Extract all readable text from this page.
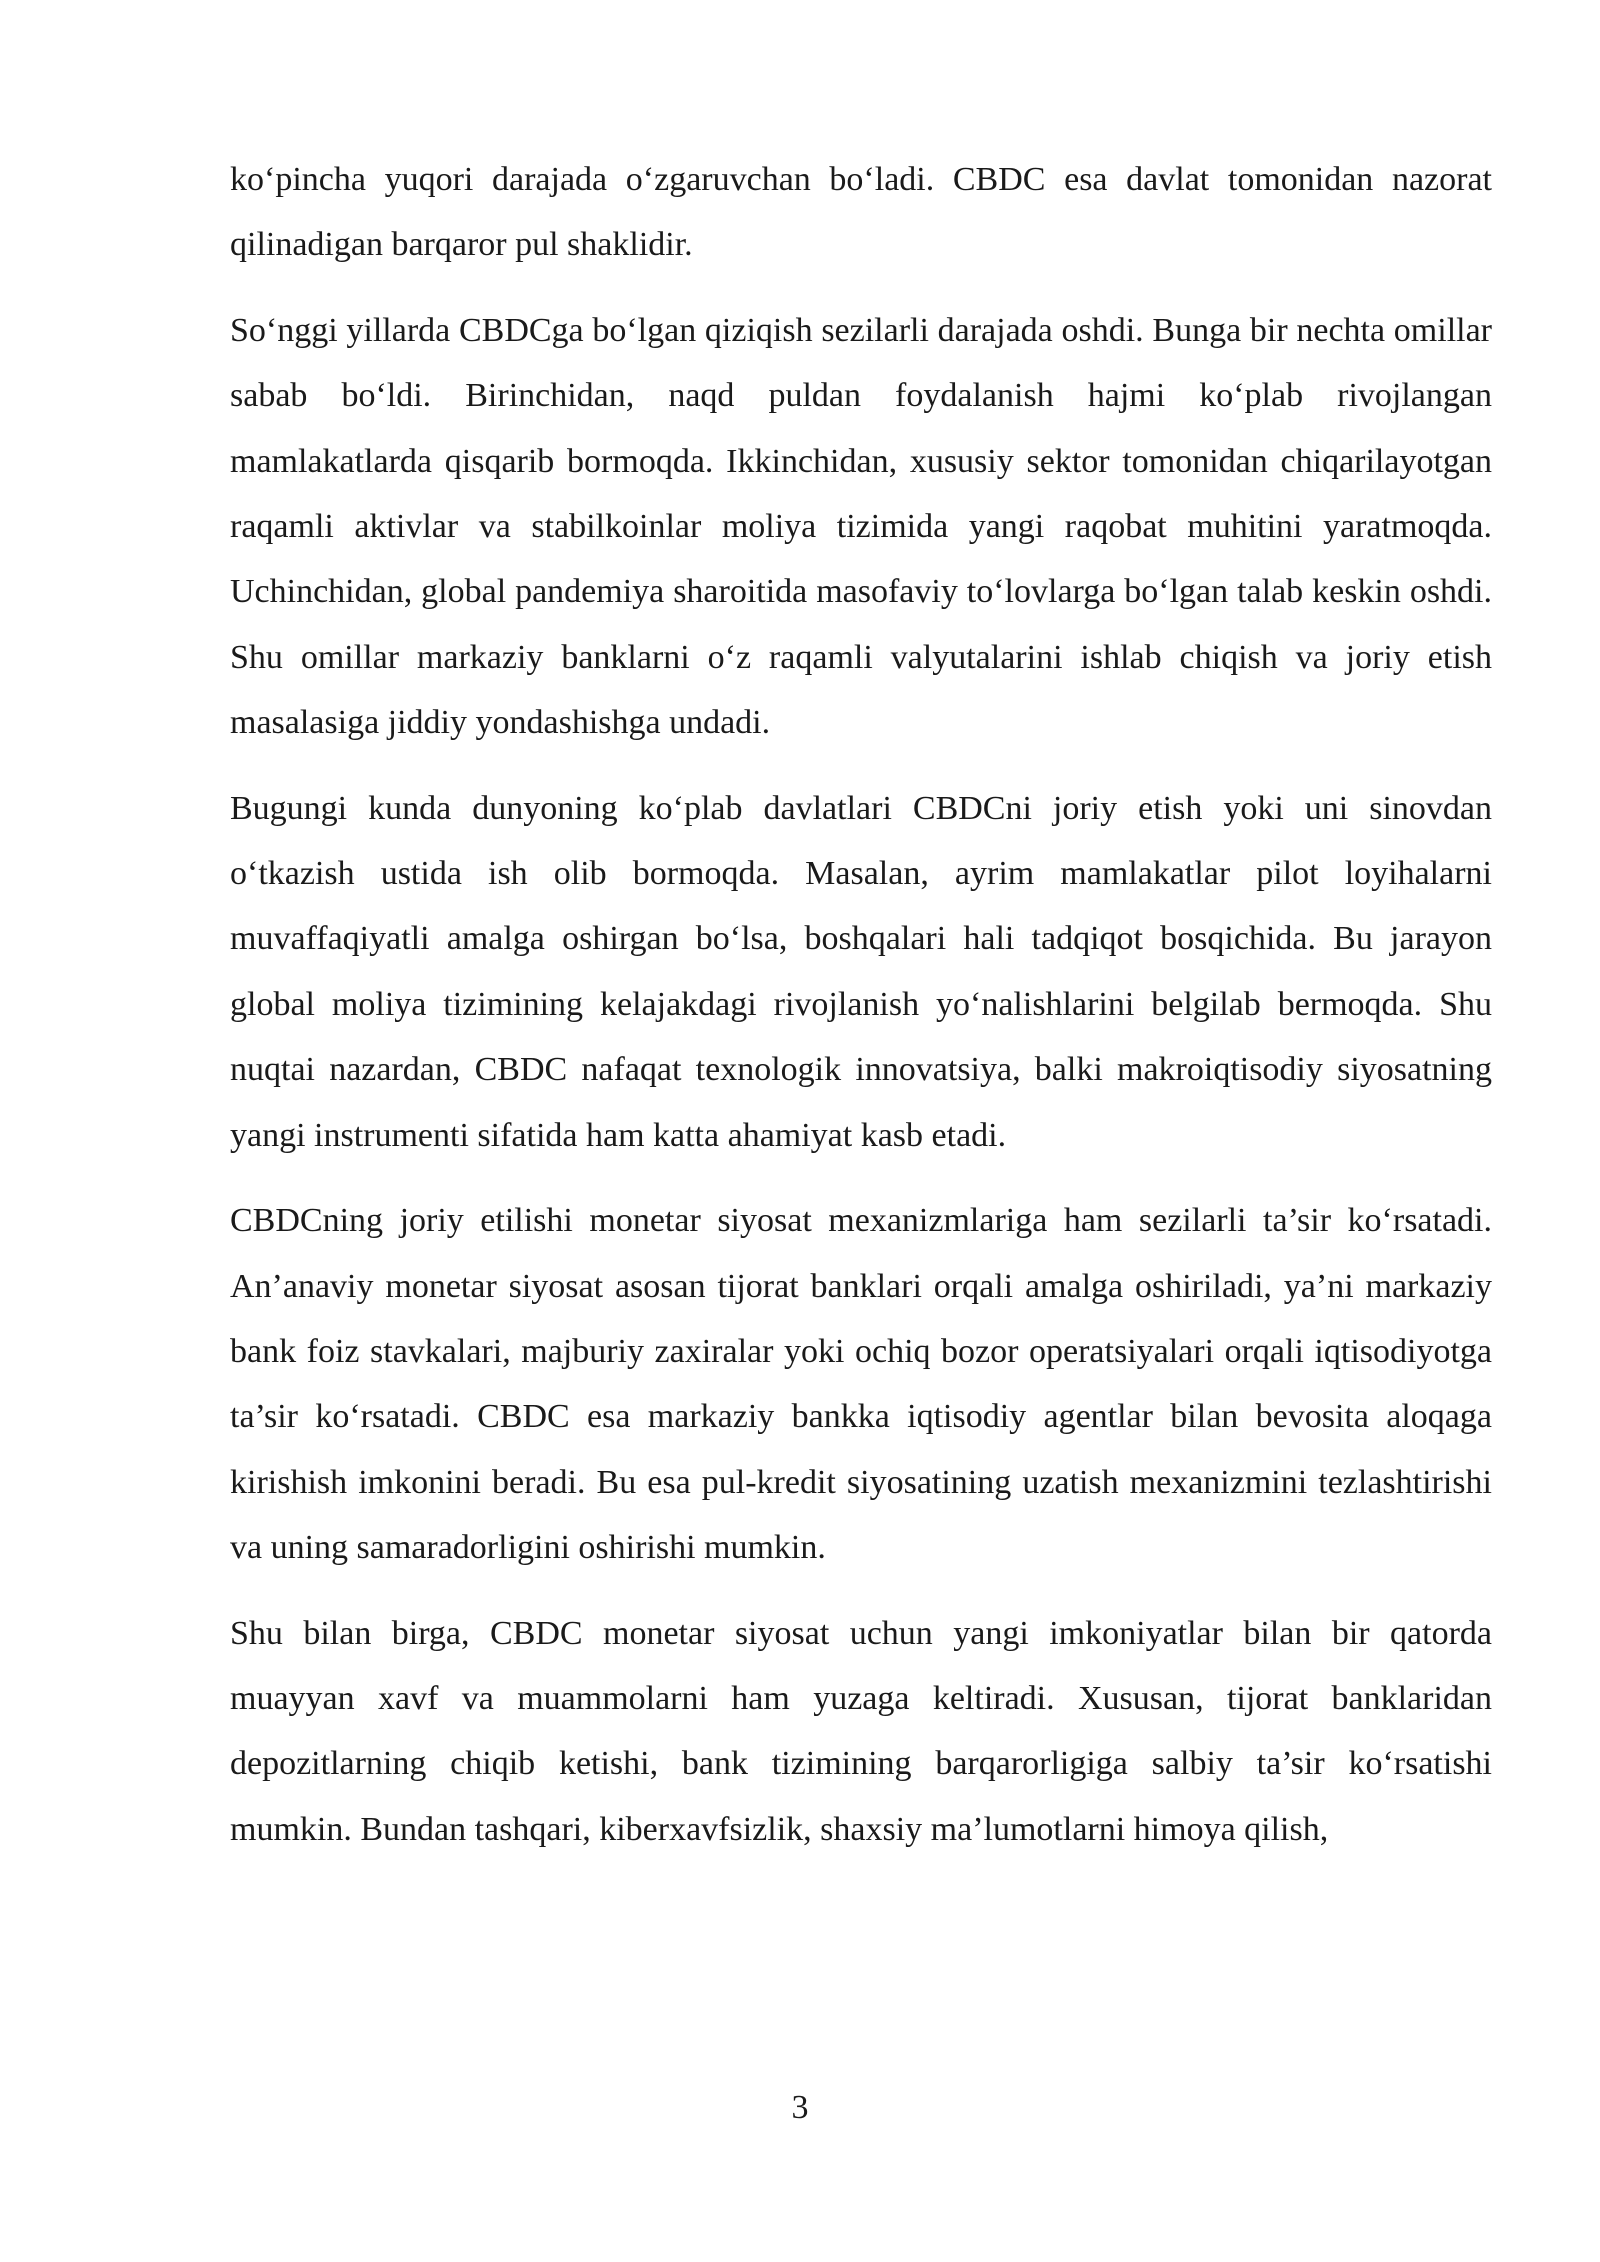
ko‘pincha yuqori darajada o‘zgaruvchan bo‘ladi. CBDC esa davlat tomonidan nazorat qilinadigan barqaror pul shaklidir.

So‘nggi yillarda CBDCga bo‘lgan qiziqish sezilarli darajada oshdi. Bunga bir nechta omillar sabab bo‘ldi. Birinchidan, naqd puldan foydalanish hajmi ko‘plab rivojlangan mamlakatlarda qisqarib bormoqda. Ikkinchidan, xususiy sektor tomonidan chiqarilayotgan raqamli aktivlar va stabilkoinlar moliya tizimida yangi raqobat muhitini yaratmoqda. Uchinchidan, global pandemiya sharoitida masofaviy to‘lovlarga bo‘lgan talab keskin oshdi. Shu omillar markaziy banklarni o‘z raqamli valyutalarini ishlab chiqish va joriy etish masalasiga jiddiy yondashishga undadi.

Bugungi kunda dunyoning ko‘plab davlatlari CBDCni joriy etish yoki uni sinovdan o‘tkazish ustida ish olib bormoqda. Masalan, ayrim mamlakatlar pilot loyihalarni muvaffaqiyatli amalga oshirgan bo‘lsa, boshqalari hali tadqiqot bosqichida. Bu jarayon global moliya tizimining kelajakdagi rivojlanish yo‘nalishlarini belgilab bermoqda. Shu nuqtai nazardan, CBDC nafaqat texnologik innovatsiya, balki makroiqtisodiy siyosatning yangi instrumenti sifatida ham katta ahamiyat kasb etadi.

CBDCning joriy etilishi monetar siyosat mexanizmlariga ham sezilarli ta’sir ko‘rsatadi. An’anaviy monetar siyosat asosan tijorat banklari orqali amalga oshiriladi, ya’ni markaziy bank foiz stavkalari, majburiy zaxiralar yoki ochiq bozor operatsiyalari orqali iqtisodiyotga ta’sir ko‘rsatadi. CBDC esa markaziy bankka iqtisodiy agentlar bilan bevosita aloqaga kirishish imkonini beradi. Bu esa pul-kredit siyosatining uzatish mexanizmini tezlashtirishi va uning samaradorligini oshirishi mumkin.

Shu bilan birga, CBDC monetar siyosat uchun yangi imkoniyatlar bilan bir qatorda muayyan xavf va muammolarni ham yuzaga keltiradi. Xususan, tijorat banklaridan depozitlarning chiqib ketishi, bank tizimining barqarorligiga salbiy ta’sir ko‘rsatishi mumkin. Bundan tashqari, kiberxavfsizlik, shaxsiy ma’lumotlarni himoya qilish,

3
